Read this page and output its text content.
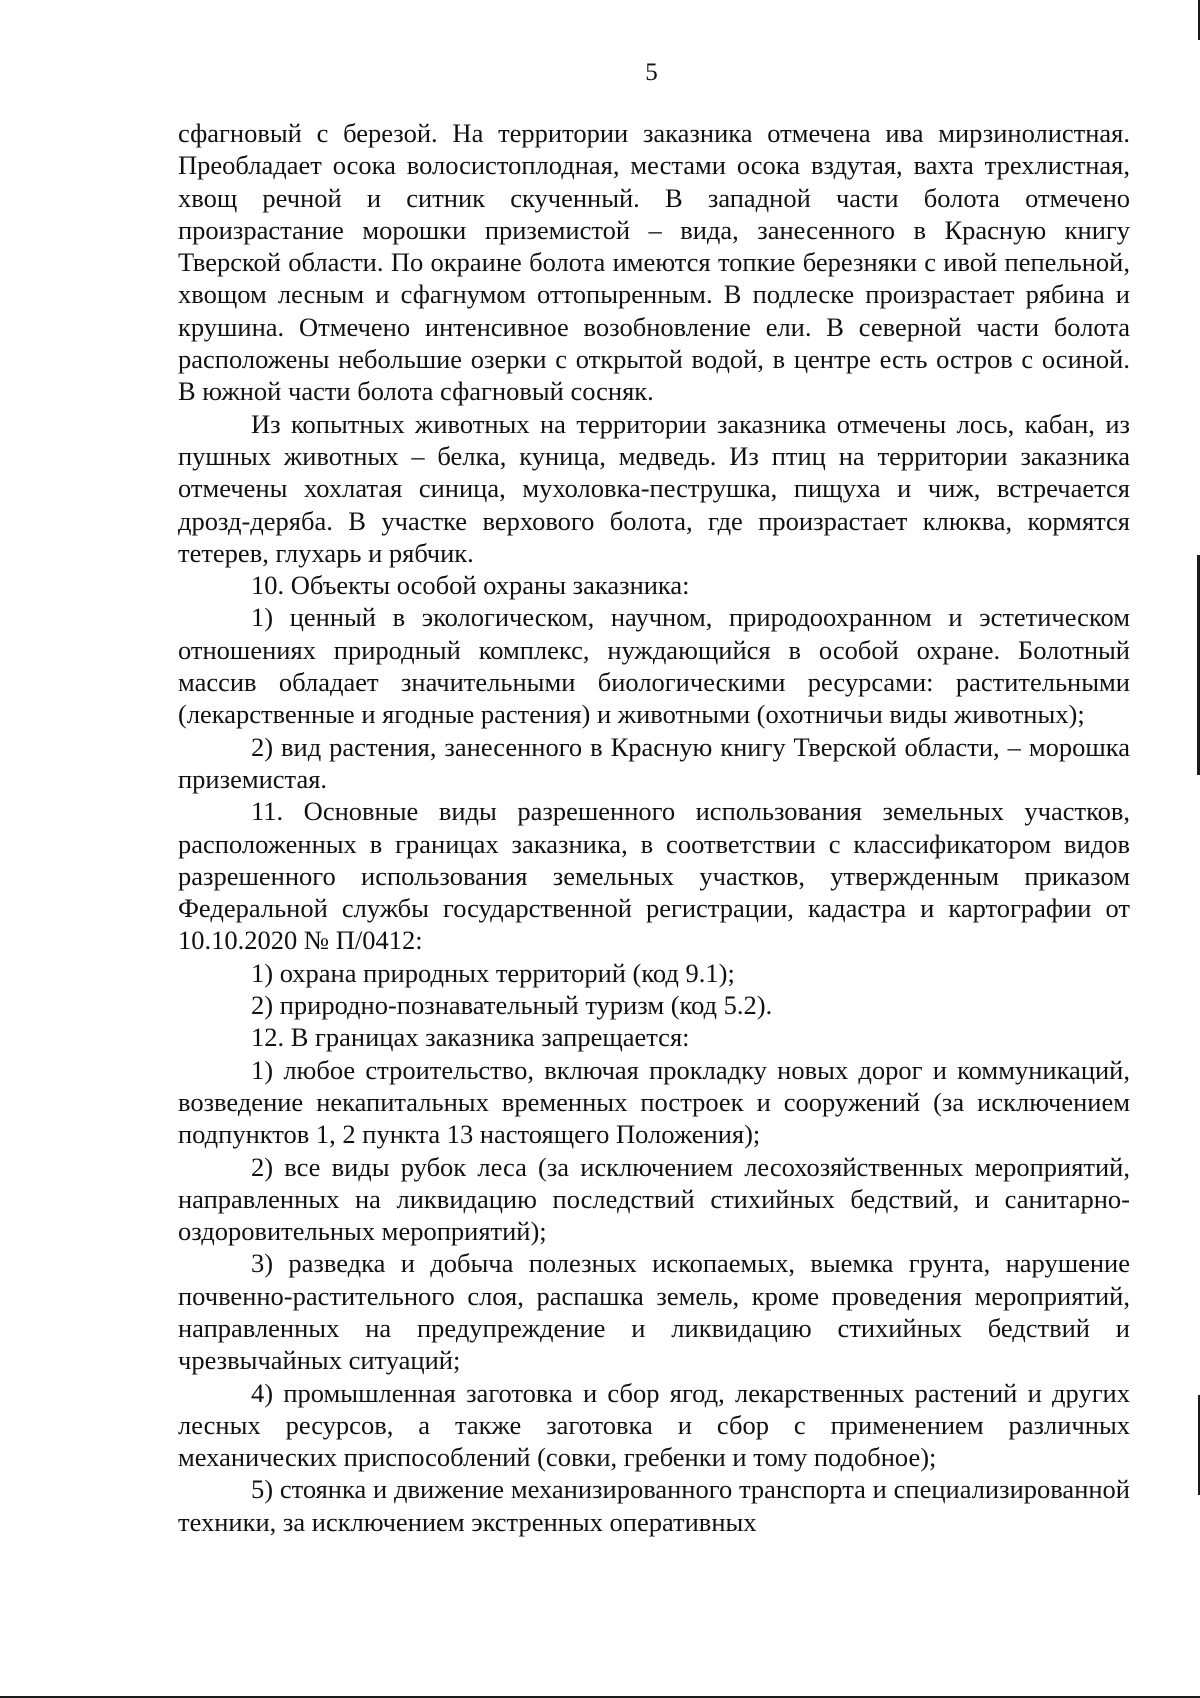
5

сфагновый с березой. На территории заказника отмечена ива мирзинолистная. Преобладает осока волосистоплодная, местами осока вздутая, вахта трехлистная, хвощ речной и ситник скученный. В западной части болота отмечено произрастание морошки приземистой – вида, занесенного в Красную книгу Тверской области. По окраине болота имеются топкие березняки с ивой пепельной, хвощом лесным и сфагнумом оттопыренным. В подлеске произрастает рябина и крушина. Отмечено интенсивное возобновление ели. В северной части болота расположены небольшие озерки с открытой водой, в центре есть остров с осиной. В южной части болота сфагновый сосняк.

Из копытных животных на территории заказника отмечены лось, кабан, из пушных животных – белка, куница, медведь. Из птиц на территории заказника отмечены хохлатая синица, мухоловка-пеструшка, пищуха и чиж, встречается дрозд-деряба. В участке верхового болота, где произрастает клюква, кормятся тетерев, глухарь и рябчик.

10. Объекты особой охраны заказника:

1) ценный в экологическом, научном, природоохранном и эстетическом отношениях природный комплекс, нуждающийся в особой охране. Болотный массив обладает значительными биологическими ресурсами: растительными (лекарственные и ягодные растения) и животными (охотничьи виды животных);

2) вид растения, занесенного в Красную книгу Тверской области, – морошка приземистая.

11. Основные виды разрешенного использования земельных участков, расположенных в границах заказника, в соответствии с классификатором видов разрешенного использования земельных участков, утвержденным приказом Федеральной службы государственной регистрации, кадастра и картографии от 10.10.2020 № П/0412:

1) охрана природных территорий (код 9.1);

2) природно-познавательный туризм (код 5.2).

12. В границах заказника запрещается:

1) любое строительство, включая прокладку новых дорог и коммуникаций, возведение некапитальных временных построек и сооружений (за исключением подпунктов 1, 2 пункта 13 настоящего Положения);

2) все виды рубок леса (за исключением лесохозяйственных мероприятий, направленных на ликвидацию последствий стихийных бедствий, и санитарно-оздоровительных мероприятий);

3) разведка и добыча полезных ископаемых, выемка грунта, нарушение почвенно-растительного слоя, распашка земель, кроме проведения мероприятий, направленных на предупреждение и ликвидацию стихийных бедствий и чрезвычайных ситуаций;

4) промышленная заготовка и сбор ягод, лекарственных растений и других лесных ресурсов, а также заготовка и сбор с применением различных механических приспособлений (совки, гребенки и тому подобное);

5) стоянка и движение механизированного транспорта и специализированной техники, за исключением экстренных оперативных
